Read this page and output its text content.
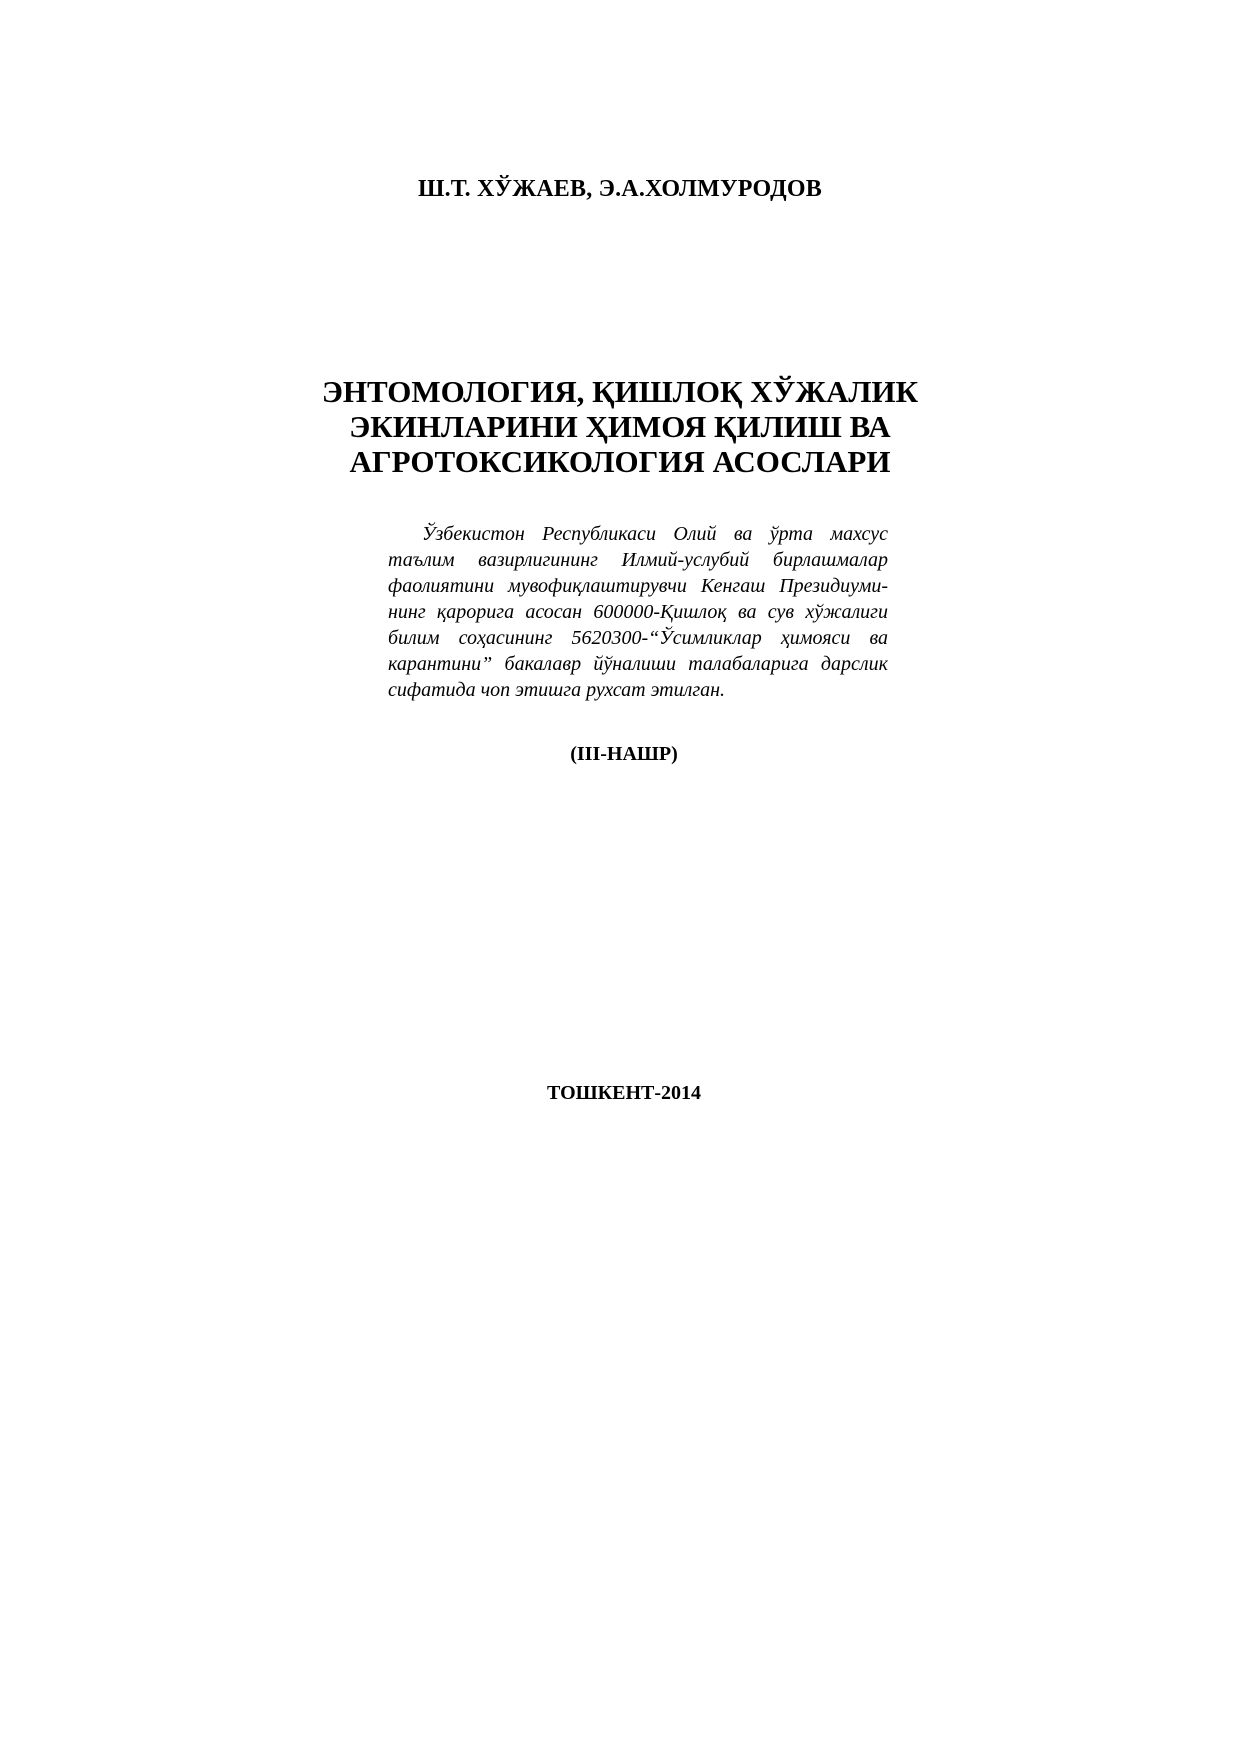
Ш.Т. ХЎЖАЕВ, Э.А.ХОЛМУРОДОВ
ЭНТОМОЛОГИЯ, ҚИШЛОҚ ХЎЖАЛИК
ЭКИНЛАРИНИ ҲИМОЯ ҚИЛИШ ВА
АГРОТОКСИКОЛОГИЯ АСОСЛАРИ
Ўзбекистон Республикаси Олий ва ўрта махсус
таълим вазирлигининг Илмий-услубий бирлашмалар
фаолиятини мувофиқлаштирувчи Кенгаш Президиуми-
нинг қарорига асосан 600000-Қишлоқ ва сув хўжалиги
билим соҳасининг 5620300-“Ўсимликлар ҳимояси ва
карантини” бакалавр йўналиши талабаларига дарслик
сифатида чоп этишга рухсат этилган.
(III-НАШР)
ТОШКЕНТ-2014
